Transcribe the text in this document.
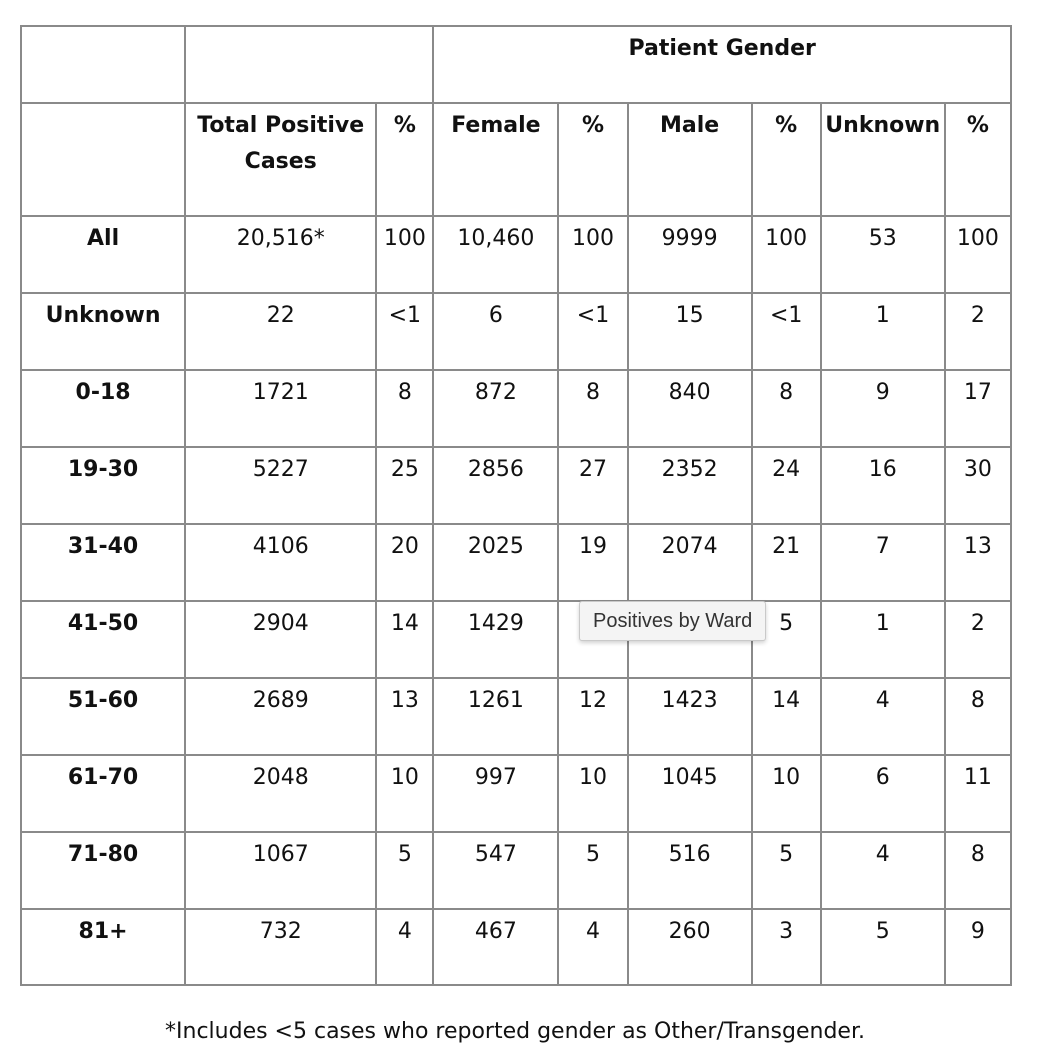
			Patient Gender					
	Total Positive Cases	%	Female	%	Male	%	Unknown	%
All	20,516*	100	10,460	100	9999	100	53	100
Unknown	22	<1	6	<1	15	<1	1	2
0-18	1721	8	872	8	840	8	9	17
19-30	5227	25	2856	27	2352	24	16	30
31-40	4106	20	2025	19	2074	21	7	13
41-50	2904	14	1429			5	1	2
51-60	2689	13	1261	12	1423	14	4	8
61-70	2048	10	997	10	1045	10	6	11
71-80	1067	5	547	5	516	5	4	8
81+	732	4	467	4	260	3	5	9
Positives by Ward
*Includes <5 cases who reported gender as Other/Transgender.
